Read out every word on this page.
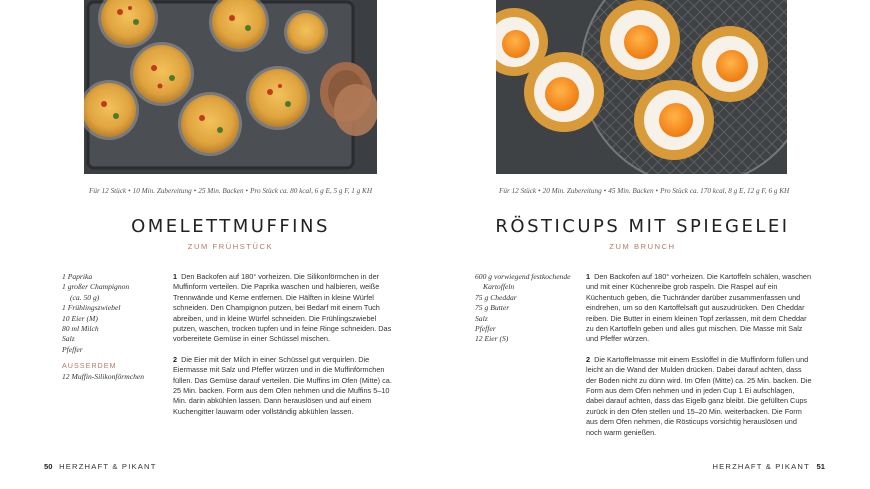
Für 12 Stück • 10 Min. Zubereitung • 25 Min. Backen • Pro Stück ca. 80 kcal, 6 g E, 5 g F, 1 g KH
OMELETTMUFFINS
ZUM FRÜHSTÜCK
1 Paprika
1 großer Champignon
(ca. 50 g)
1 Frühlingszwiebel
10 Eier (M)
80 ml Milch
Salz
Pfeffer
AUSSERDEM
12 Muffin-Silikonförmchen
1 Den Backofen auf 180° vorheizen. Die Silikonförmchen in der Muffinform verteilen. Die Paprika waschen und halbieren, weiße Trennwände und Kerne entfernen. Die Hälften in kleine Würfel schneiden. Den Champignon putzen, bei Bedarf mit einem Tuch abreiben, und in kleine Würfel schneiden. Die Frühlingszwiebel putzen, waschen, trocken tupfen und in feine Ringe schneiden. Das vorbereitete Gemüse in einer Schüssel mischen.
2 Die Eier mit der Milch in einer Schüssel gut verquirlen. Die Eiermasse mit Salz und Pfeffer würzen und in die Muffinförmchen füllen. Das Gemüse darauf verteilen. Die Muffins im Ofen (Mitte) ca. 25 Min. backen. Form aus dem Ofen nehmen und die Muffins 5–10 Min. darin abkühlen lassen. Dann herauslösen und auf einem Kuchengitter lauwarm oder vollständig abkühlen lassen.
50 HERZHAFT & PIKANT
Für 12 Stück • 20 Min. Zubereitung • 45 Min. Backen • Pro Stück ca. 170 kcal, 8 g E, 12 g F, 6 g KH
RÖSTICUPS MIT SPIEGELEI
ZUM BRUNCH
600 g vorwiegend festkochende
Kartoffeln
75 g Cheddar
75 g Butter
Salz
Pfeffer
12 Eier (S)
1 Den Backofen auf 180° vorheizen. Die Kartoffeln schälen, waschen und mit einer Küchenreibe grob raspeln. Die Raspel auf ein Küchentuch geben, die Tuchränder darüber zusammenfassen und eindrehen, um so den Kartoffelsaft gut auszudrücken. Den Cheddar reiben. Die Butter in einem kleinen Topf zerlassen, mit dem Cheddar zu den Kartoffeln geben und alles gut mischen. Die Masse mit Salz und Pfeffer würzen.
2 Die Kartoffelmasse mit einem Esslöffel in die Muffinform füllen und leicht an die Wand der Mulden drücken. Dabei darauf achten, dass der Boden nicht zu dünn wird. Im Ofen (Mitte) ca. 25 Min. backen. Die Form aus dem Ofen nehmen und in jeden Cup 1 Ei aufschlagen, dabei darauf achten, dass das Eigelb ganz bleibt. Die gefüllten Cups zurück in den Ofen stellen und 15–20 Min. weiterbacken. Die Form aus dem Ofen nehmen, die Rösticups vorsichtig herauslösen und noch warm genießen.
HERZHAFT & PIKANT 51
